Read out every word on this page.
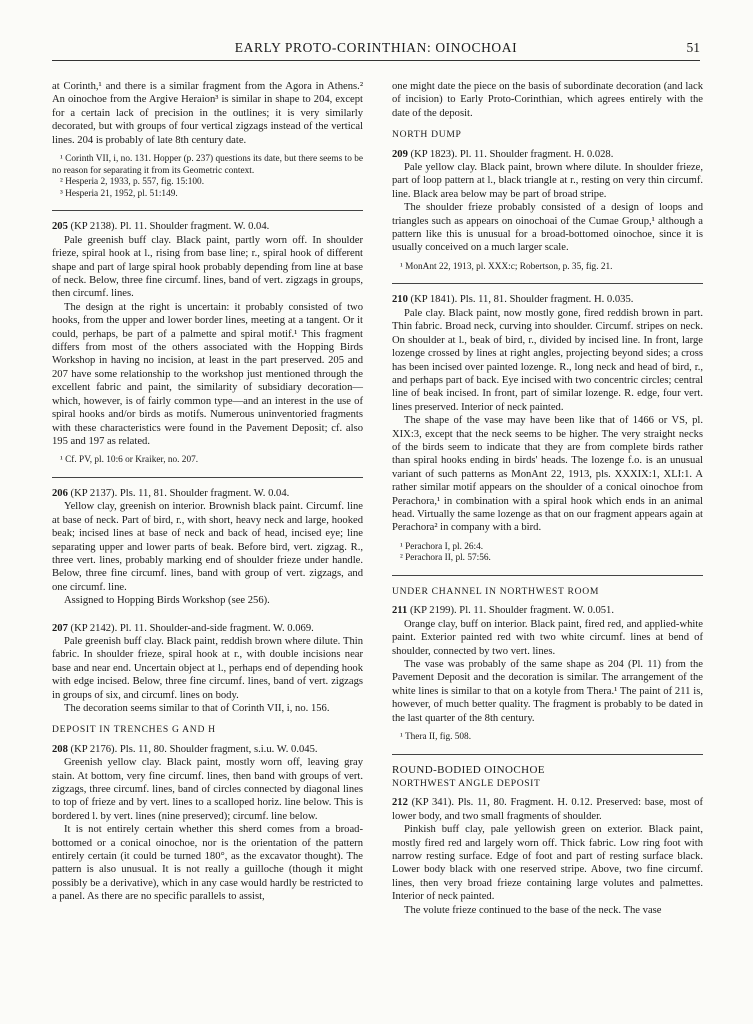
EARLY PROTO-CORINTHIAN: OINOCHOAI	51

at Corinth,¹ and there is a similar fragment from the Agora in Athens.² An oinochoe from the Argive Heraion³ is similar in shape to 204, except for a certain lack of precision in the outlines; it is very similarly decorated, but with groups of four vertical zigzags instead of the vertical lines. 204 is probably of late 8th century date.

¹ Corinth VII, i, no. 131. Hopper (p. 237) questions its date, but there seems to be no reason for separating it from its Geometric context.

² Hesperia 2, 1933, p. 557, fig. 15:100.

³ Hesperia 21, 1952, pl. 51:149.

205 (KP 2138). Pl. 11. Shoulder fragment. W. 0.04.

Pale greenish buff clay. Black paint, partly worn off. In shoulder frieze, spiral hook at l., rising from base line; r., spiral hook of different shape and part of large spiral hook probably depending from line at base of neck. Below, three fine circumf. lines, band of vert. zigzags in groups, then circumf. lines.

The design at the right is uncertain: it probably consisted of two hooks, from the upper and lower border lines, meeting at a tangent. Or it could, perhaps, be part of a palmette and spiral motif.¹ This fragment differs from most of the others associated with the Hopping Birds Workshop in having no incision, at least in the part preserved. 205 and 207 have some relationship to the workshop just mentioned through the excellent fabric and paint, the similarity of subsidiary decoration—which, however, is of fairly common type—and an interest in the use of spiral hooks and/or birds as motifs. Numerous uninventoried fragments with these characteristics were found in the Pavement Deposit; cf. also 195 and 197 as related.

¹ Cf. PV, pl. 10:6 or Kraiker, no. 207.

206 (KP 2137). Pls. 11, 81. Shoulder fragment. W. 0.04.

Yellow clay, greenish on interior. Brownish black paint. Circumf. line at base of neck. Part of bird, r., with short, heavy neck and large, hooked beak; incised lines at base of neck and back of head, incised eye; line separating upper and lower parts of beak. Before bird, vert. zigzag. R., three vert. lines, probably marking end of shoulder frieze under handle. Below, three fine circumf. lines, band with group of vert. zigzags, and one circumf. line.

Assigned to Hopping Birds Workshop (see 256).

207 (KP 2142). Pl. 11. Shoulder-and-side fragment. W. 0.069.

Pale greenish buff clay. Black paint, reddish brown where dilute. Thin fabric. In shoulder frieze, spiral hook at r., with double incisions near base and near end. Uncertain object at l., perhaps end of depending hook with edge incised. Below, three fine circumf. lines, band of vert. zigzags in groups of six, and circumf. lines on body.

The decoration seems similar to that of Corinth VII, i, no. 156.

DEPOSIT IN TRENCHES G AND H

208 (KP 2176). Pls. 11, 80. Shoulder fragment, s.i.u. W. 0.045.

Greenish yellow clay. Black paint, mostly worn off, leaving gray stain. At bottom, very fine circumf. lines, then band with groups of vert. zigzags, three circumf. lines, band of circles connected by diagonal lines to top of frieze and by vert. lines to a scalloped horiz. line below. This is bordered l. by vert. lines (nine preserved); circumf. line below.

It is not entirely certain whether this sherd comes from a broad-bottomed or a conical oinochoe, nor is the orientation of the pattern entirely certain (it could be turned 180°, as the excavator thought). The pattern is also unusual. It is not really a guilloche (though it might possibly be a derivative), which in any case would hardly be restricted to a panel. As there are no specific parallels to assist,

one might date the piece on the basis of subordinate decoration (and lack of incision) to Early Proto-Corinthian, which agrees entirely with the date of the deposit.

NORTH DUMP

209 (KP 1823). Pl. 11. Shoulder fragment. H. 0.028.

Pale yellow clay. Black paint, brown where dilute. In shoulder frieze, part of loop pattern at l., black triangle at r., resting on very thin circumf. line. Black area below may be part of broad stripe.

The shoulder frieze probably consisted of a design of loops and triangles such as appears on oinochoai of the Cumae Group,¹ although a pattern like this is unusual for a broad-bottomed oinochoe, since it is usually conceived on a much larger scale.

¹ MonAnt 22, 1913, pl. XXX:c; Robertson, p. 35, fig. 21.

210 (KP 1841). Pls. 11, 81. Shoulder fragment. H. 0.035.

Pale clay. Black paint, now mostly gone, fired reddish brown in part. Thin fabric. Broad neck, curving into shoulder. Circumf. stripes on neck. On shoulder at l., beak of bird, r., divided by incised line. In front, large lozenge crossed by lines at right angles, projecting beyond sides; a cross has been incised over painted lozenge. R., long neck and head of bird, r., and perhaps part of back. Eye incised with two concentric circles; central line of beak incised. In front, part of similar lozenge. R. edge, four vert. lines preserved. Interior of neck painted.

The shape of the vase may have been like that of 1466 or VS, pl. XIX:3, except that the neck seems to be higher. The very straight necks of the birds seem to indicate that they are from complete birds rather than spiral hooks ending in birds' heads. The lozenge f.o. is an unusual variant of such patterns as MonAnt 22, 1913, pls. XXXIX:1, XLI:1. A rather similar motif appears on the shoulder of a conical oinochoe from Perachora,¹ in combination with a spiral hook which ends in an animal head. Virtually the same lozenge as that on our fragment appears again at Perachora² in company with a bird.

¹ Perachora I, pl. 26:4.

² Perachora II, pl. 57:56.

UNDER CHANNEL IN NORTHWEST ROOM

211 (KP 2199). Pl. 11. Shoulder fragment. W. 0.051.

Orange clay, buff on interior. Black paint, fired red, and applied-white paint. Exterior painted red with two white circumf. lines at bend of shoulder, connected by two vert. lines.

The vase was probably of the same shape as 204 (Pl. 11) from the Pavement Deposit and the decoration is similar. The arrangement of the white lines is similar to that on a kotyle from Thera.¹ The paint of 211 is, however, of much better quality. The fragment is probably to be dated in the last quarter of the 8th century.

¹ Thera II, fig. 508.

ROUND-BODIED OINOCHOE

NORTHWEST ANGLE DEPOSIT

212 (KP 341). Pls. 11, 80. Fragment. H. 0.12. Preserved: base, most of lower body, and two small fragments of shoulder.

Pinkish buff clay, pale yellowish green on exterior. Black paint, mostly fired red and largely worn off. Thick fabric. Low ring foot with narrow resting surface. Edge of foot and part of resting surface black. Lower body black with one reserved stripe. Above, two fine circumf. lines, then very broad frieze containing large volutes and palmettes. Interior of neck painted.

The volute frieze continued to the base of the neck. The vase
